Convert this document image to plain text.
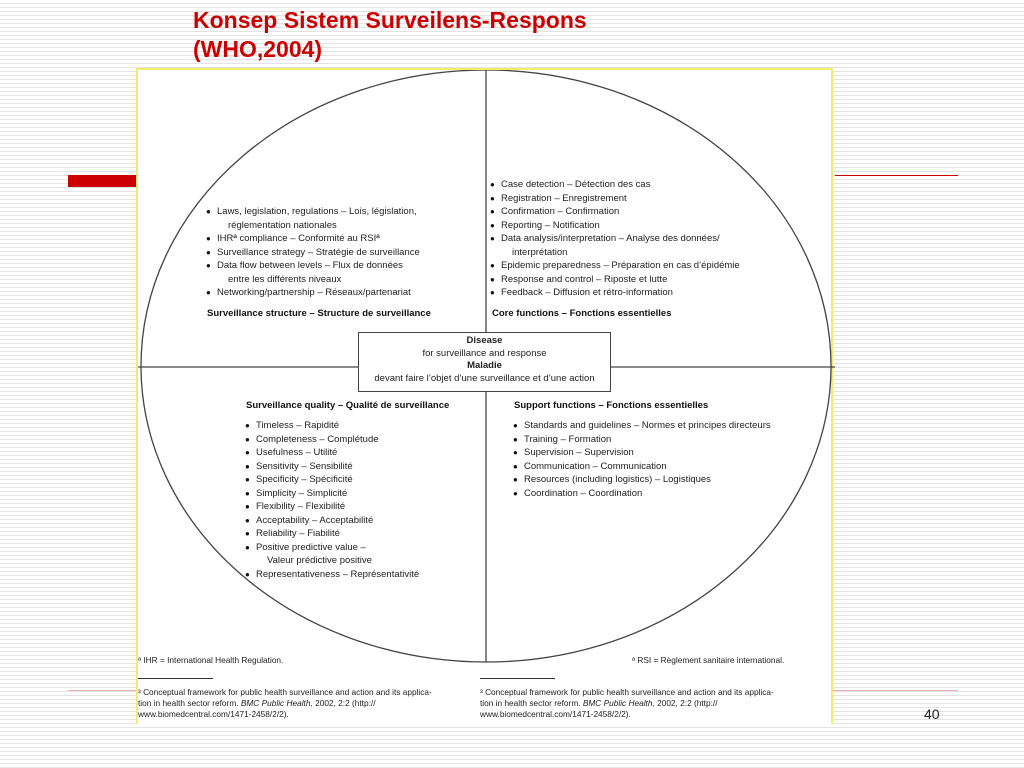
Konsep Sistem Surveilens-Respons
(WHO,2004)
● Laws, legislation, regulations – Lois, législation,
réglementation nationales
● IHRª compliance – Conformité au RSIª
● Surveillance strategy – Stratégie de surveillance
● Data flow between levels – Flux de données
entre les différents niveaux
● Networking/partnership – Réseaux/partenariat
Surveillance structure – Structure de surveillance
● Case detection – Détection des cas
● Registration – Enregistrement
● Confirmation – Confirmation
● Reporting – Notification
● Data analysis/interpretation – Analyse des données/
interprétation
● Epidemic preparedness – Préparation en cas d’épidémie
● Response and control – Riposte et lutte
● Feedback – Diffusion et rétro-information
Core functions – Fonctions essentielles
Surveillance quality – Qualité de surveillance
● Timeless – Rapidité
● Completeness – Complétude
● Usefulness – Utilité
● Sensitivity – Sensibilité
● Specificity – Spécificité
● Simplicity – Simplicité
● Flexibility – Flexibilité
● Acceptability – Acceptabilité
● Reliability – Fiabilité
● Positive predictive value –
Valeur prédictive positive
● Representativeness – Représentativité
Support functions – Fonctions essentielles
● Standards and guidelines – Normes et principes directeurs
● Training – Formation
● Supervision – Supervision
● Communication – Communication
● Resources (including logistics) – Logistiques
● Coordination – Coordination
Disease
for surveillance and response
Maladie
devant faire l’objet d’une surveillance et d’une action
ª IHR = International Health Regulation.	ª RSI = Règlement sanitaire international.
³ Conceptual framework for public health surveillance and action and its applica-
tion in health sector reform. BMC Public Health, 2002, 2:2 (http://
www.biomedcentral.com/1471-2458/2/2).
³ Conceptual framework for public health surveillance and action and its applica-
tion in health sector reform. BMC Public Health, 2002, 2:2 (http://
www.biomedcentral.com/1471-2458/2/2).	40
